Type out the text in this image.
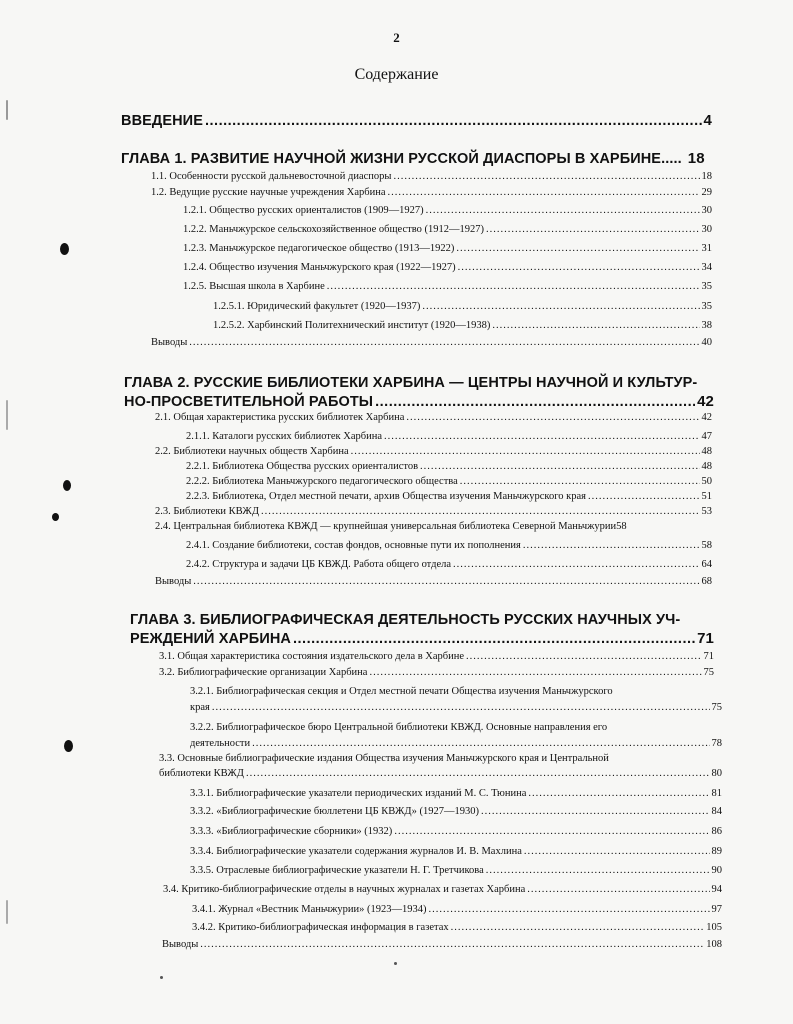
2
Содержание
ВВЕДЕНИЕ .....	4
ГЛАВА 1. РАЗВИТИЕ НАУЧНОЙ ЖИЗНИ РУССКОЙ ДИАСПОРЫ В ХАРБИНЕ ..... 18
1.1. Особенности русской дальневосточной диаспоры .....	18
1.2. Ведущие русские научные учреждения Харбина .....	29
1.2.1. Общество русских ориенталистов (1909—1927) .....	30
1.2.2. Маньчжурское сельскохозяйственное общество (1912—1927) .....	30
1.2.3. Маньчжурское педагогическое общество (1913—1922) .....	31
1.2.4. Общество изучения Маньчжурского края (1922—1927) .....	34
1.2.5. Высшая школа в Харбине .....	35
1.2.5.1. Юридический факультет (1920—1937) .....	35
1.2.5.2. Харбинский Политехнический институт (1920—1938) .....	38
Выводы .....	40
ГЛАВА 2. РУССКИЕ БИБЛИОТЕКИ ХАРБИНА — ЦЕНТРЫ НАУЧНОЙ И КУЛЬТУР-
НО-ПРОСВЕТИТЕЛЬНОЙ РАБОТЫ .....	42
2.1. Общая характеристика русских библиотек Харбина .....	42
2.1.1. Каталоги русских библиотек Харбина .....	47
2.2. Библиотеки научных обществ Харбина .....	48
2.2.1. Библиотека Общества русских ориенталистов .....	48
2.2.2. Библиотека Маньчжурского педагогического общества .....	50
2.2.3. Библиотека, Отдел местной печати, архив Общества изучения Маньчжурского края .....	51
2.3. Библиотеки КВЖД .....	53
2.4. Центральная библиотека КВЖД — крупнейшая универсальная библиотека Северной Маньчжурии 58
2.4.1. Создание библиотеки, состав фондов, основные пути их пополнения .....	58
2.4.2. Структура и задачи ЦБ КВЖД. Работа общего отдела .....	64
Выводы .....	68
ГЛАВА 3. БИБЛИОГРАФИЧЕСКАЯ ДЕЯТЕЛЬНОСТЬ РУССКИХ НАУЧНЫХ УЧ-
РЕЖДЕНИЙ ХАРБИНА .....	71
3.1. Общая характеристика состояния издательского дела в Харбине .....	71
3.2. Библиографические организации Харбина .....	75
3.2.1. Библиографическая секция и Отдел местной печати Общества изучения Маньчжурского
края .....	75
3.2.2. Библиографическое бюро Центральной библиотеки КВЖД. Основные направления его
деятельности .....	78
3.3. Основные библиографические издания Общества изучения Маньчжурского края и Центральной
библиотеки КВЖД .....	80
3.3.1. Библиографические указатели периодических изданий М. С. Тюнина .....	81
3.3.2. «Библиографические бюллетени ЦБ КВЖД» (1927—1930) .....	84
3.3.3. «Библиографические сборники» (1932) .....	86
3.3.4. Библиографические указатели содержания журналов И. В. Махлина .....	89
3.3.5. Отраслевые библиографические указатели Н. Г. Третчикова .....	90
3.4. Критико-библиографические отделы в научных журналах и газетах Харбина .....	94
3.4.1. Журнал «Вестник Маньчжурии» (1923—1934) .....	97
3.4.2. Критико-библиографическая информация в газетах .....	105
Выводы .....	108
